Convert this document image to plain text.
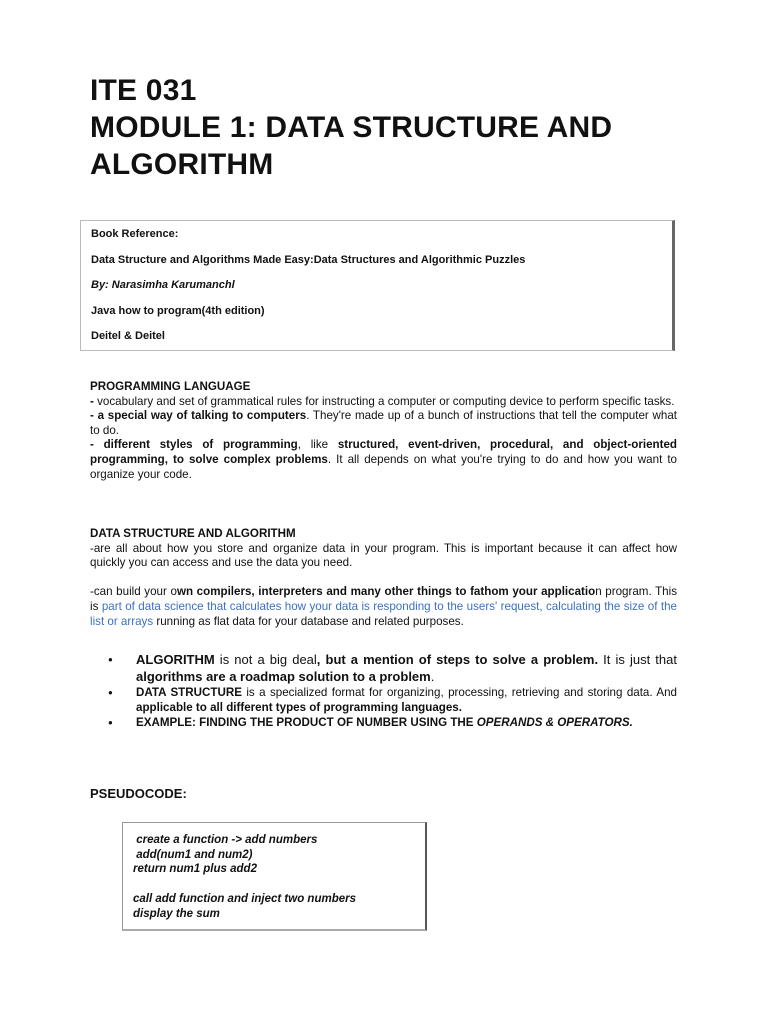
ITE 031
MODULE 1: DATA STRUCTURE AND
ALGORITHM
Book Reference:
Data Structure and Algorithms Made Easy:Data Structures and Algorithmic Puzzles
By: Narasimha Karumanchl
Java how to program(4th edition)
Deitel & Deitel
PROGRAMMING LANGUAGE

- vocabulary and set of grammatical rules for instructing a computer or computing device to perform specific tasks.

- a special way of talking to computers. They're made up of a bunch of instructions that tell the computer what to do.

- different styles of programming, like structured, event-driven, procedural, and object-oriented programming, to solve complex problems. It all depends on what you're trying to do and how you want to organize your code.

DATA STRUCTURE AND ALGORITHM

-are all about how you store and organize data in your program. This is important because it can affect how quickly you can access and use the data you need.

-can build your own compilers, interpreters and many other things to fathom your application program. This is part of data science that calculates how your data is responding to the users' request, calculating the size of the list or arrays running as flat data for your database and related purposes.

● ALGORITHM is not a big deal, but a mention of steps to solve a problem. It is just that algorithms are a roadmap solution to a problem.
● DATA STRUCTURE is a specialized format for organizing, processing, retrieving and storing data. And applicable to all different types of programming languages.
● EXAMPLE: FINDING THE PRODUCT OF NUMBER USING THE OPERANDS & OPERATORS.
PSEUDOCODE:
create a function -> add numbers
add(num1 and num2)
return num1 plus add2
call add function and inject two numbers
display the sum
